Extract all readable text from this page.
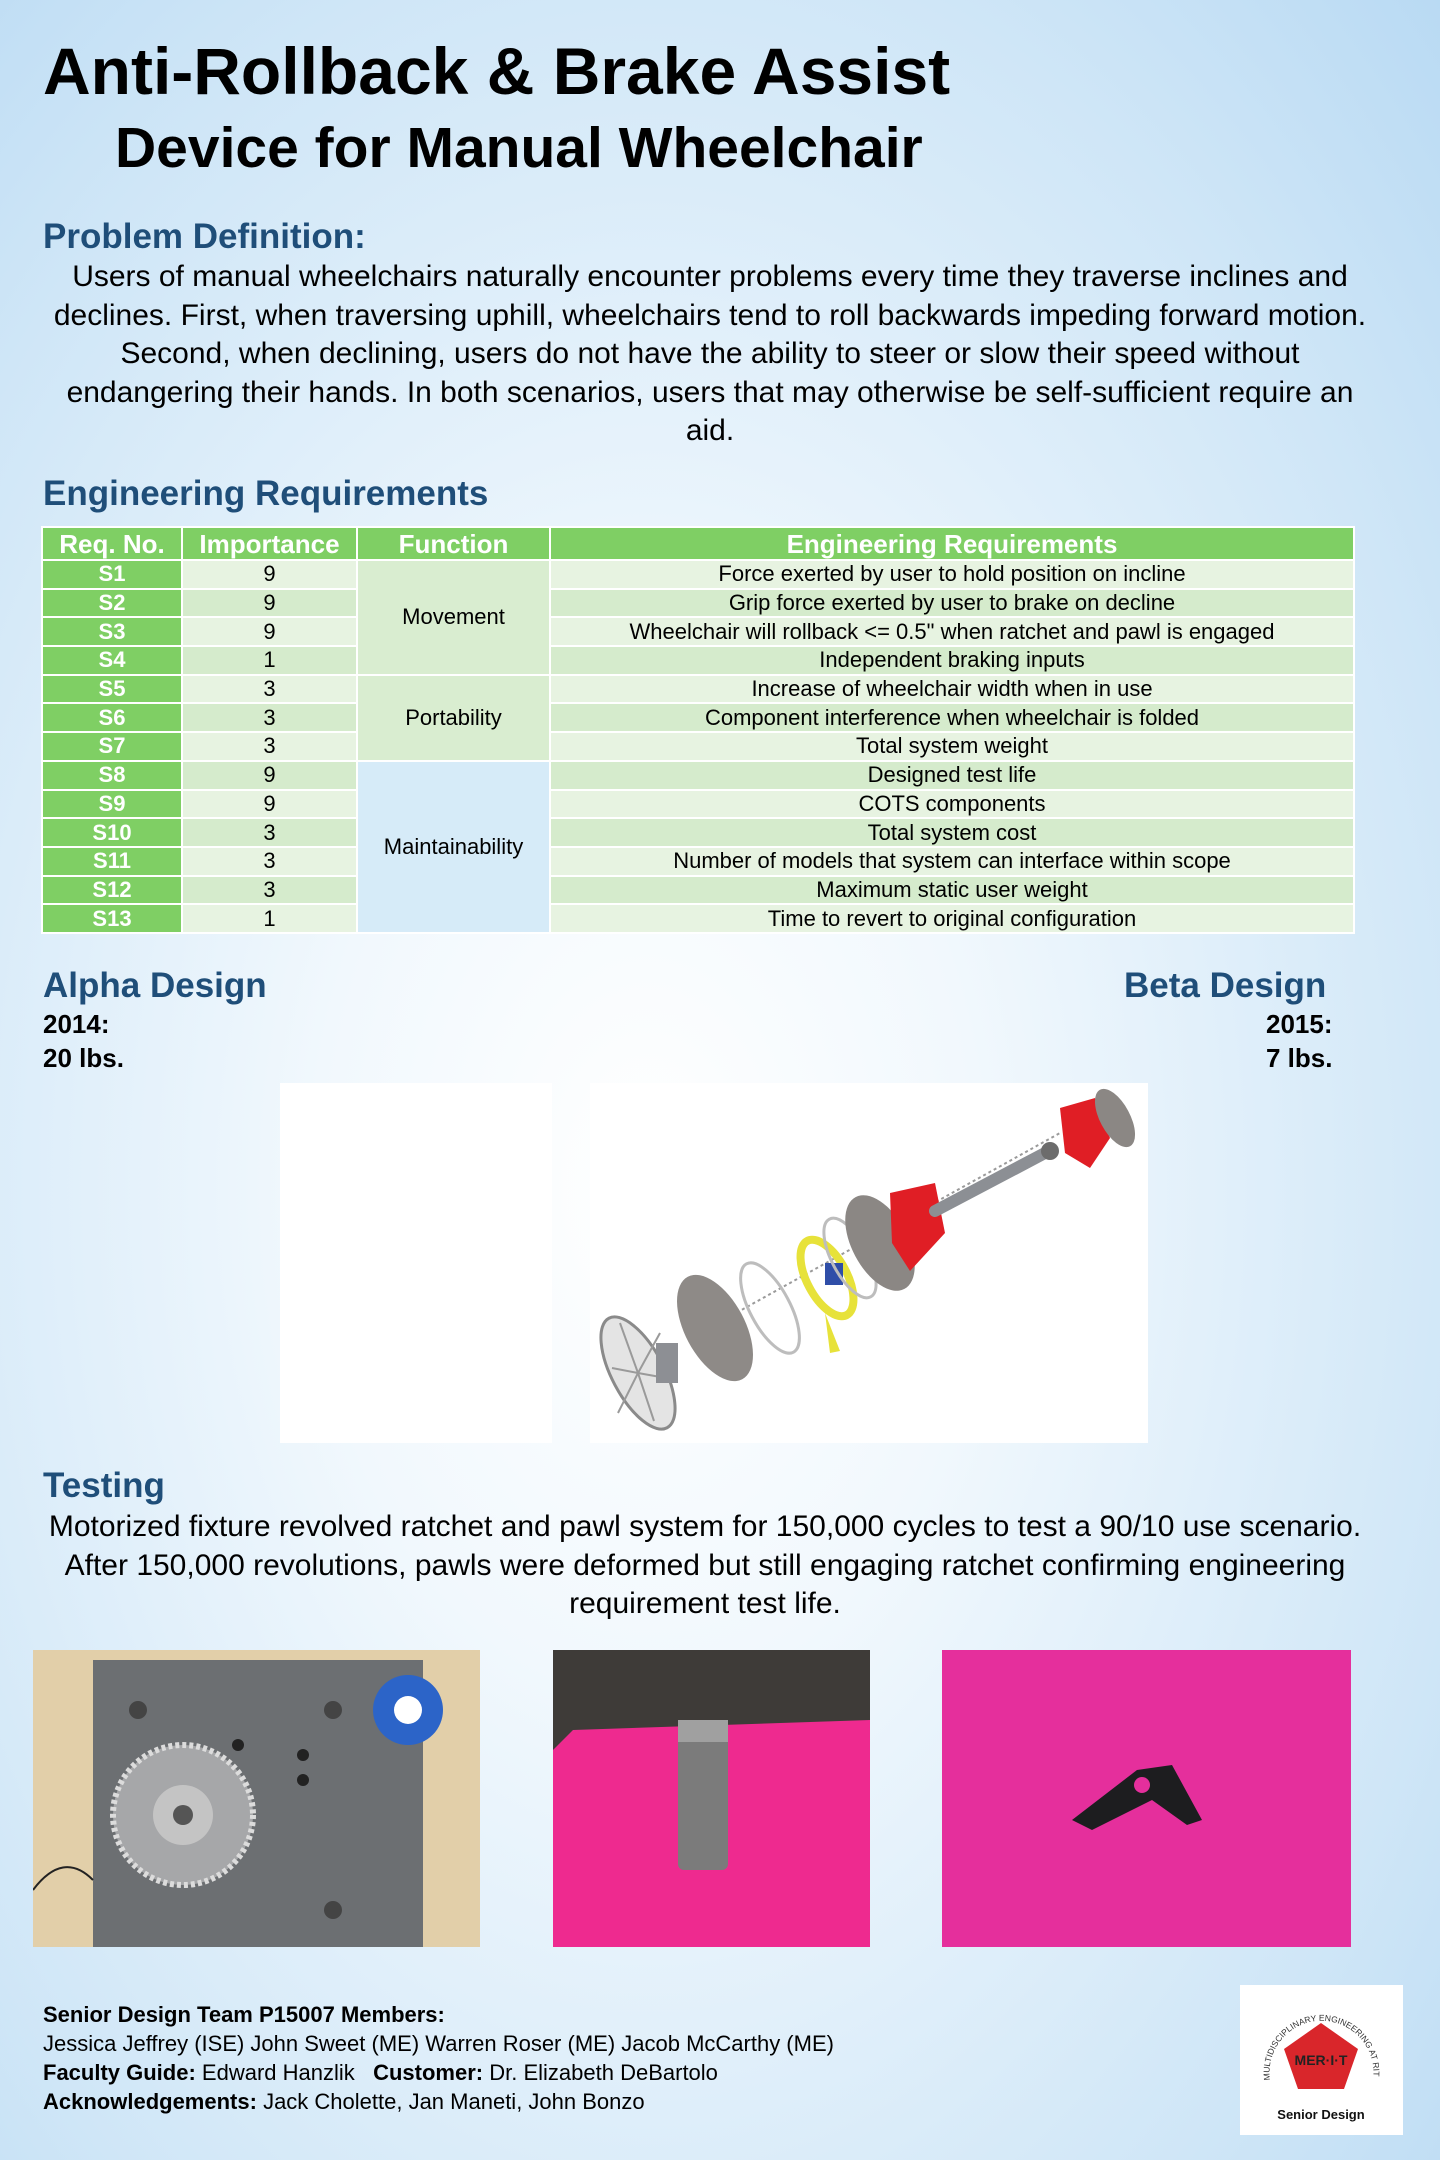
Anti-Rollback & Brake Assist
Device for Manual Wheelchair
Problem Definition:
Users of manual wheelchairs naturally encounter problems every time they traverse inclines and declines. First, when traversing uphill, wheelchairs tend to roll backwards impeding forward motion. Second, when declining, users do not have the ability to steer or slow their speed without endangering their hands. In both scenarios, users that may otherwise be self-sufficient require an aid.
Engineering Requirements
Req. No.	Importance	Function	Engineering Requirements
S1	9	Movement	Force exerted by user to hold position on incline
S2	9		Grip force exerted by user to brake on decline
S3	9		Wheelchair will rollback <= 0.5" when ratchet and pawl is engaged
S4	1		Independent braking inputs
S5	3	Portability	Increase of wheelchair width when in use
S6	3		Component interference when wheelchair is folded
S7	3		Total system weight
S8	9	Maintainability	Designed test life
S9	9		COTS components
S10	3		Total system cost
S11	3		Number of models that system can interface within scope
S12	3		Maximum static user weight
S13	1		Time to revert to original configuration
Alpha Design
2014:
20 lbs.
Beta Design
2015:
7 lbs.
Testing
Motorized fixture revolved ratchet and pawl system for 150,000 cycles to test a 90/10 use scenario. After 150,000 revolutions, pawls were deformed but still engaging ratchet confirming engineering requirement test life.
Senior Design Team P15007 Members:
Jessica Jeffrey (ISE) John Sweet (ME) Warren Roser (ME) Jacob McCarthy (ME)
Faculty Guide: Edward Hanzlik Customer: Dr. Elizabeth DeBartolo
Acknowledgements: Jack Cholette, Jan Maneti, John Bonzo
MULTIDISCIPLINARY ENGINEERING AT RIT
MER·I·T
Senior Design
